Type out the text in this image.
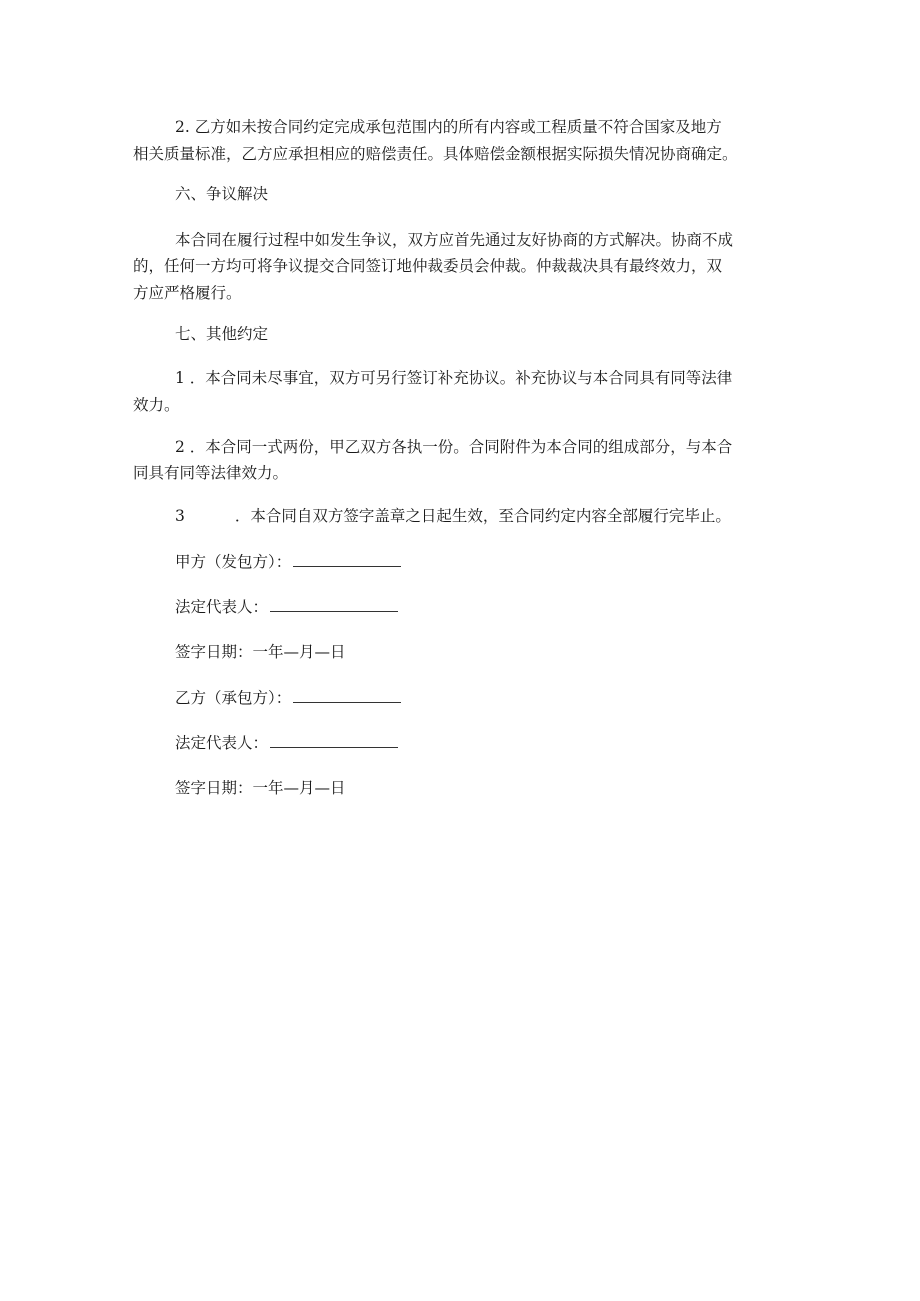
2. 乙方如未按合同约定完成承包范围内的所有内容或工程质量不符合国家及地方
相关质量标准，乙方应承担相应的赔偿责任。具体赔偿金额根据实际损失情况协商确定。
六、争议解决
本合同在履行过程中如发生争议，双方应首先通过友好协商的方式解决。协商不成
的，任何一方均可将争议提交合同签订地仲裁委员会仲裁。仲裁裁决具有最终效力，双
方应严格履行。
七、其他约定
1 ．本合同未尽事宜，双方可另行签订补充协议。补充协议与本合同具有同等法律
效力。
2 ．本合同一式两份，甲乙双方各执一份。合同附件为本合同的组成部分，与本合
同具有同等法律效力。
3	．本合同自双方签字盖章之日起生效，至合同约定内容全部履行完毕止。
甲方（发包方）：
法定代表人：
签字日期：一年—月—日
乙方（承包方）：
法定代表人：
签字日期：一年—月—日
